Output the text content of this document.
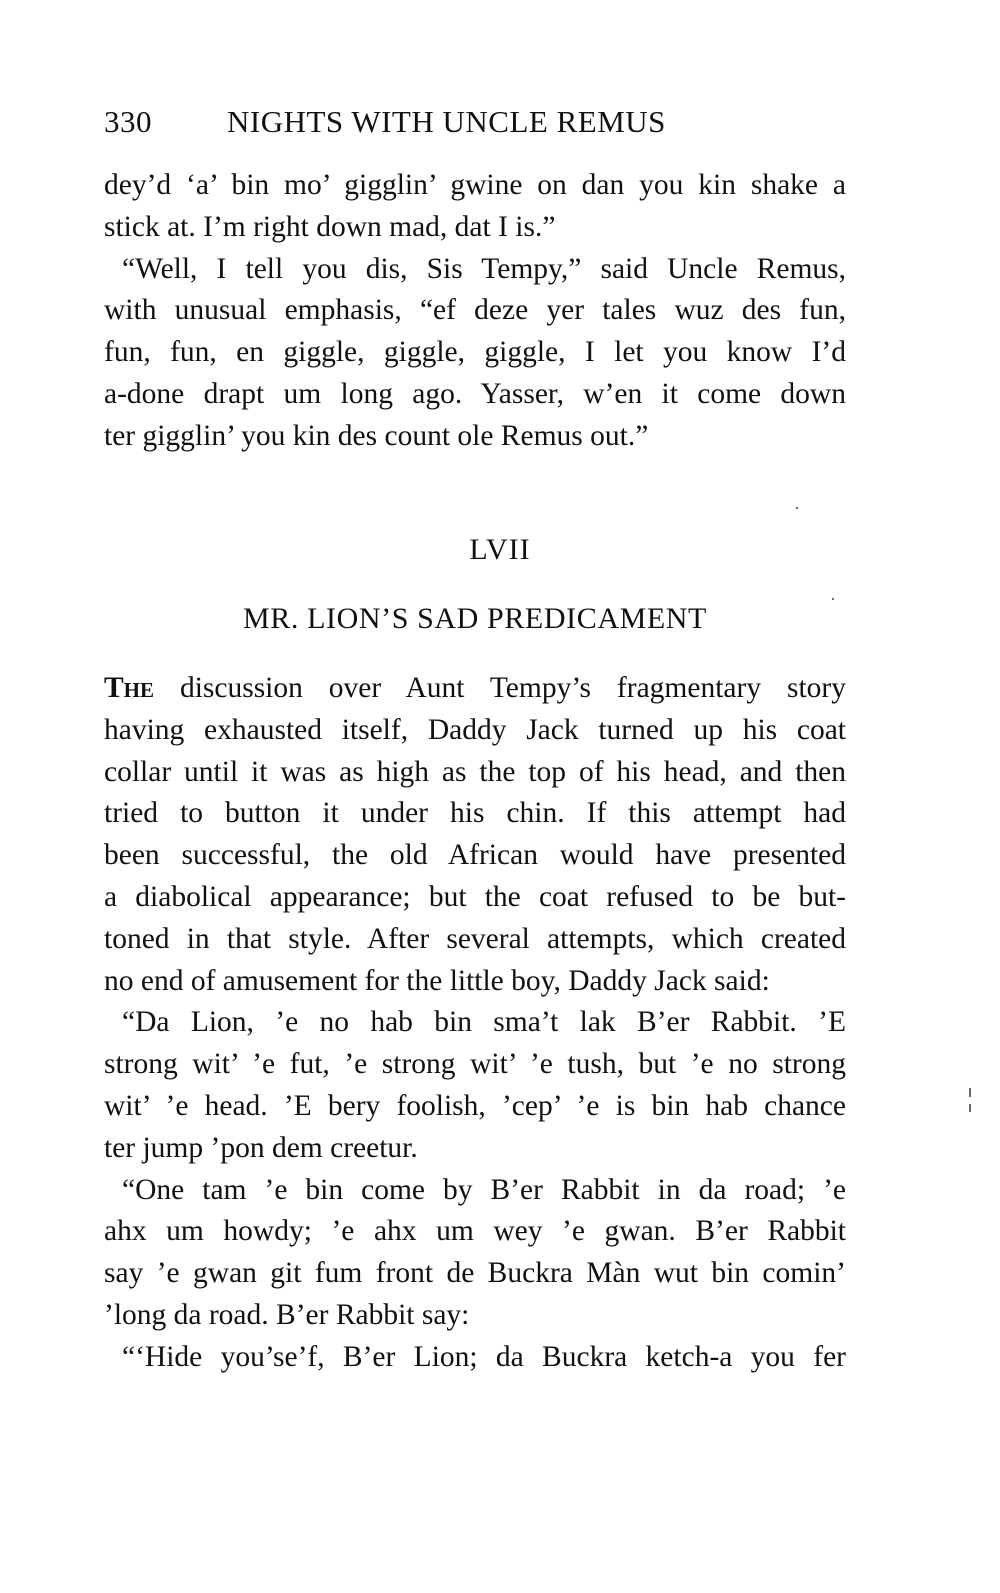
330 NIGHTS WITH UNCLE REMUS
dey’d ‘a’ bin mo’ gigglin’ gwine on dan you kin shake a
stick at. I’m right down mad, dat I is.”
“Well, I tell you dis, Sis Tempy,” said Uncle Remus,
with unusual emphasis, “ef deze yer tales wuz des fun,
fun, fun, en giggle, giggle, giggle, I let you know I’d
a-done drapt um long ago. Yasser, w’en it come down
ter gigglin’ you kin des count ole Remus out.”
LVII
MR. LION’S SAD PREDICAMENT
The discussion over Aunt Tempy’s fragmentary story
having exhausted itself, Daddy Jack turned up his coat
collar until it was as high as the top of his head, and then
tried to button it under his chin. If this attempt had
been successful, the old African would have presented
a diabolical appearance; but the coat refused to be but-
toned in that style. After several attempts, which created
no end of amusement for the little boy, Daddy Jack said:
“Da Lion, ’e no hab bin sma’t lak B’er Rabbit. ’E
strong wit’ ’e fut, ’e strong wit’ ’e tush, but ’e no strong
wit’ ’e head. ’E bery foolish, ’cep’ ’e is bin hab chance
ter jump ’pon dem creetur.
“One tam ’e bin come by B’er Rabbit in da road; ’e
ahx um howdy; ’e ahx um wey ’e gwan. B’er Rabbit
say ’e gwan git fum front de Buckra Màn wut bin comin’
’long da road. B’er Rabbit say:
“‘Hide you’se’f, B’er Lion; da Buckra ketch-a you fer
